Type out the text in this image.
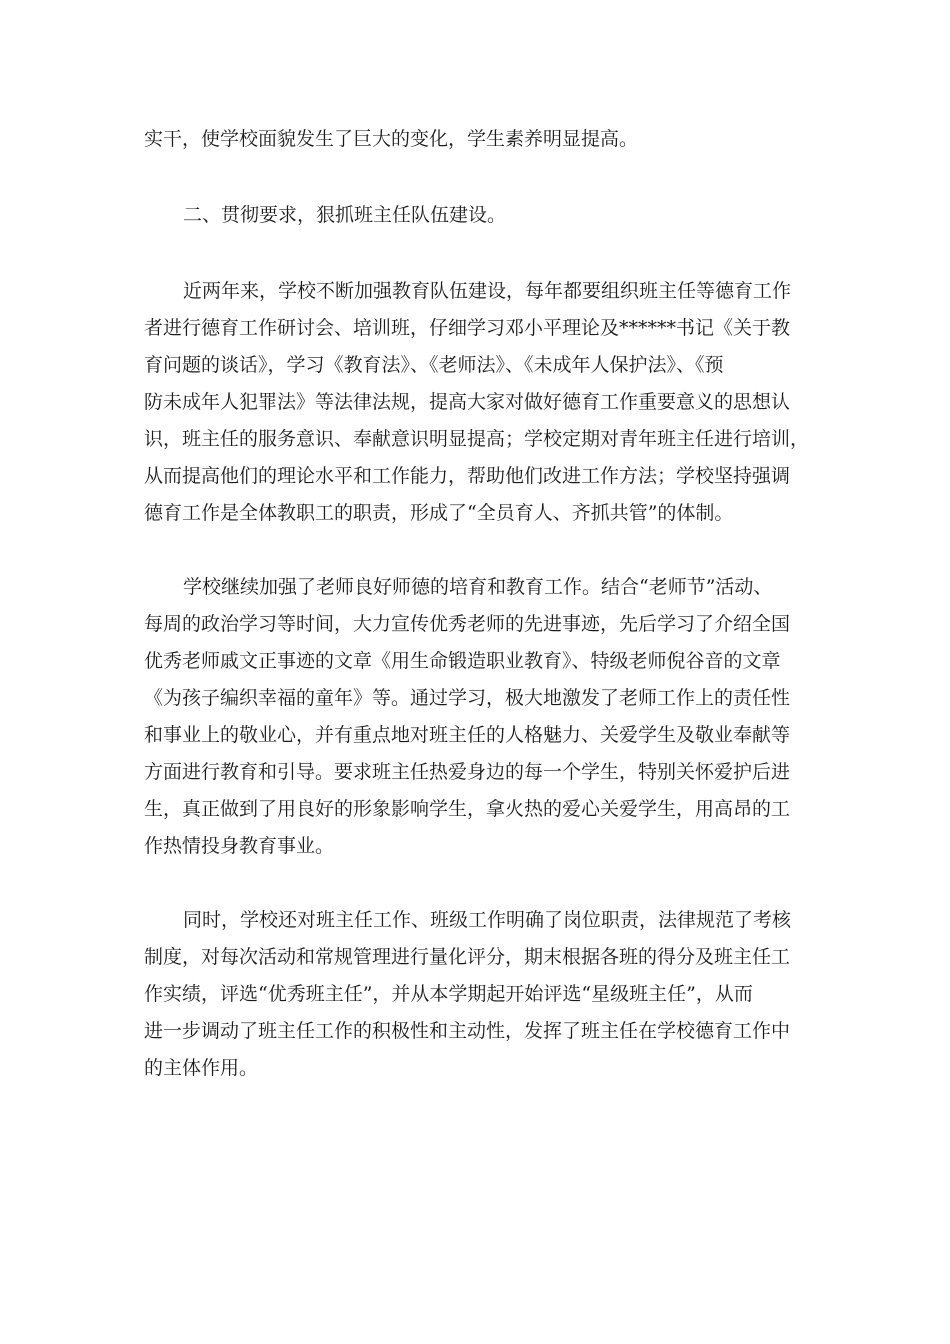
实干，使学校面貌发生了巨大的变化，学生素养明显提高。

二、贯彻要求，狠抓班主任队伍建设。

近两年来，学校不断加强教育队伍建设，每年都要组织班主任等德育工作

者进行德育工作研讨会、培训班，仔细学习邓小平理论及******书记《关于教

育问题的谈话》，学习《教育法》、《老师法》、《未成年人保护法》、《预

防未成年人犯罪法》等法律法规，提高大家对做好德育工作重要意义的思想认

识，班主任的服务意识、奉献意识明显提高；学校定期对青年班主任进行培训，

从而提高他们的理论水平和工作能力，帮助他们改进工作方法；学校坚持强调

德育工作是全体教职工的职责，形成了“全员育人、齐抓共管”的体制。

学校继续加强了老师良好师德的培育和教育工作。结合“老师节”活动、

每周的政治学习等时间，大力宣传优秀老师的先进事迹，先后学习了介绍全国

优秀老师戚文正事迹的文章《用生命锻造职业教育》、特级老师倪谷音的文章

《为孩子编织幸福的童年》等。通过学习，极大地激发了老师工作上的责任性

和事业上的敬业心，并有重点地对班主任的人格魅力、关爱学生及敬业奉献等

方面进行教育和引导。要求班主任热爱身边的每一个学生，特别关怀爱护后进

生，真正做到了用良好的形象影响学生，拿火热的爱心关爱学生，用高昂的工

作热情投身教育事业。

同时，学校还对班主任工作、班级工作明确了岗位职责，法律规范了考核

制度，对每次活动和常规管理进行量化评分，期末根据各班的得分及班主任工

作实绩，评选“优秀班主任”，并从本学期起开始评选“星级班主任”，从而

进一步调动了班主任工作的积极性和主动性，发挥了班主任在学校德育工作中

的主体作用。
